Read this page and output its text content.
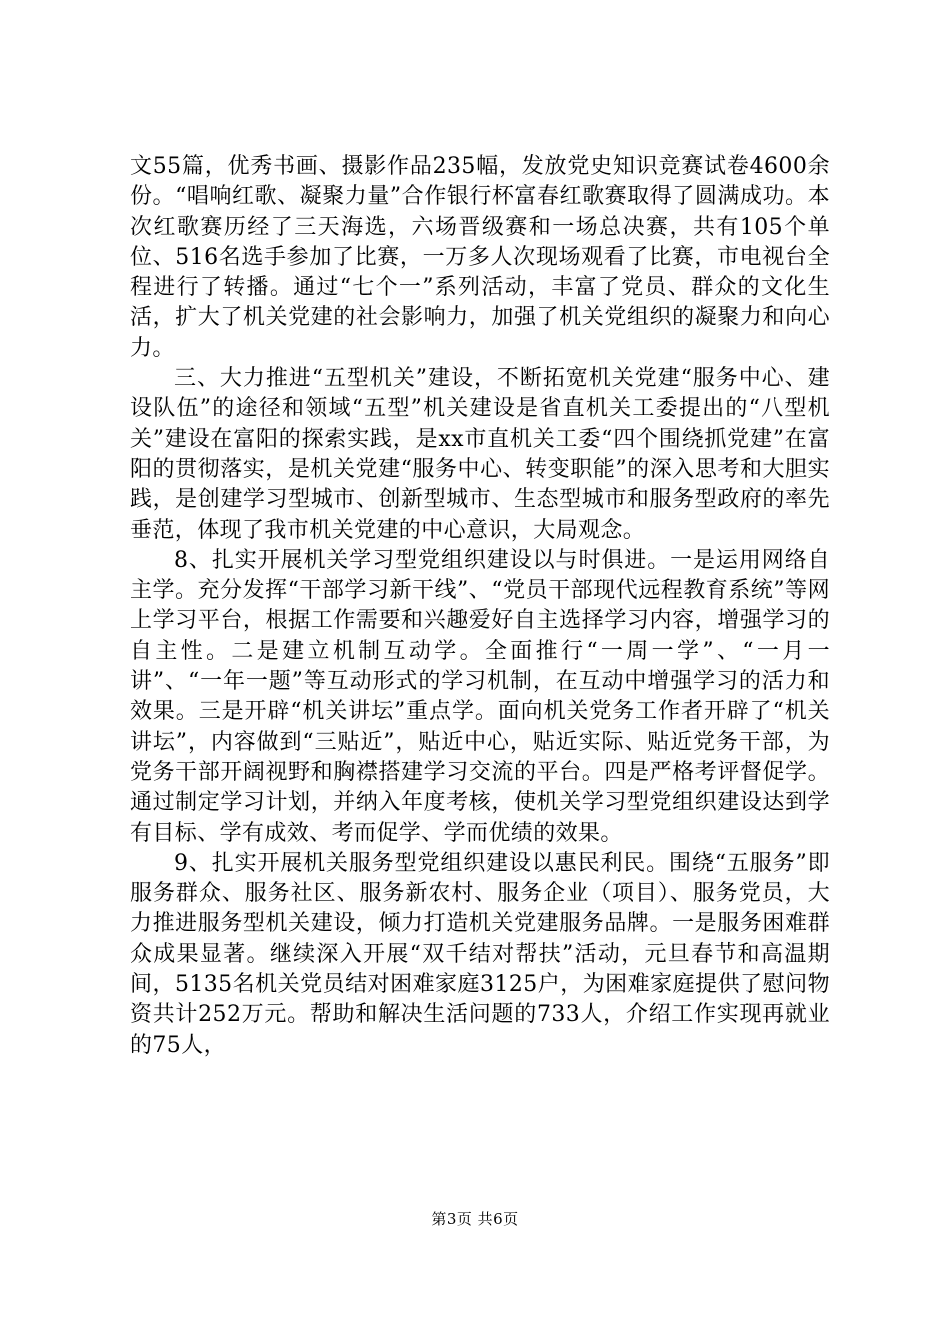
文55篇，优秀书画、摄影作品235幅，发放党史知识竞赛试卷4600余份。“唱响红歌、凝聚力量”合作银行杯富春红歌赛取得了圆满成功。本次红歌赛历经了三天海选，六场晋级赛和一场总决赛，共有105个单位、516名选手参加了比赛，一万多人次现场观看了比赛，市电视台全程进行了转播。通过“七个一”系列活动，丰富了党员、群众的文化生活，扩大了机关党建的社会影响力，加强了机关党组织的凝聚力和向心力。

三、大力推进“五型机关”建设，不断拓宽机关党建“服务中心、建设队伍”的途径和领域“五型”机关建设是省直机关工委提出的“八型机关”建设在富阳的探索实践，是xx市直机关工委“四个围绕抓党建”在富阳的贯彻落实，是机关党建“服务中心、转变职能”的深入思考和大胆实践，是创建学习型城市、创新型城市、生态型城市和服务型政府的率先垂范，体现了我市机关党建的中心意识，大局观念。

8、扎实开展机关学习型党组织建设以与时俱进。一是运用网络自主学。充分发挥“干部学习新干线”、“党员干部现代远程教育系统”等网上学习平台，根据工作需要和兴趣爱好自主选择学习内容，增强学习的自主性。二是建立机制互动学。全面推行“一周一学”、“一月一讲”、“一年一题”等互动形式的学习机制，在互动中增强学习的活力和效果。三是开辟“机关讲坛”重点学。面向机关党务工作者开辟了“机关讲坛”，内容做到“三贴近”，贴近中心，贴近实际、贴近党务干部，为党务干部开阔视野和胸襟搭建学习交流的平台。四是严格考评督促学。通过制定学习计划，并纳入年度考核，使机关学习型党组织建设达到学有目标、学有成效、考而促学、学而优绩的效果。

9、扎实开展机关服务型党组织建设以惠民利民。围绕“五服务”即服务群众、服务社区、服务新农村、服务企业（项目）、服务党员，大力推进服务型机关建设，倾力打造机关党建服务品牌。一是服务困难群众成果显著。继续深入开展“双千结对帮扶”活动，元旦春节和高温期间，5135名机关党员结对困难家庭3125户，为困难家庭提供了慰问物资共计252万元。帮助和解决生活问题的733人，介绍工作实现再就业的75人，

第3页 共6页
